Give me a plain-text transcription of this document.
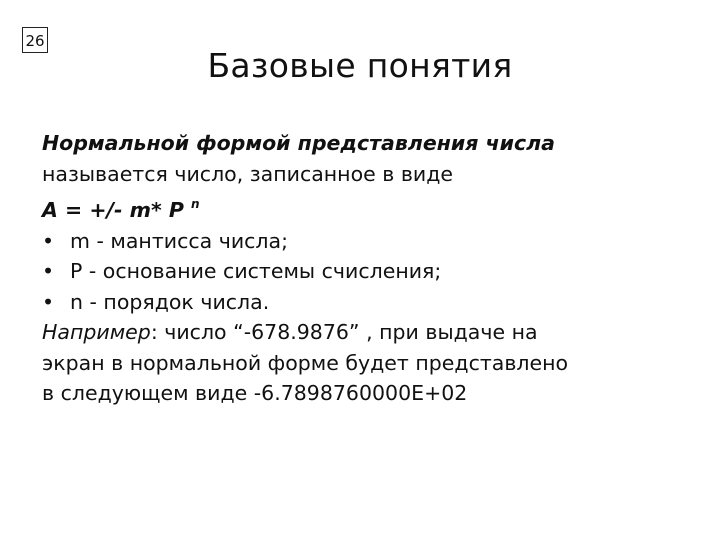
26
Базовые понятия
Нормальной формой представления числа
называется число, записанное в виде
A = +/- m* P $^n$
• m - мантисса числа;
• P - основание системы счисления;
• n - порядок числа.
Например: число “-678.9876” , при выдаче на
экран в нормальной форме будет представлено
в следующем виде -6.7898760000E+02
